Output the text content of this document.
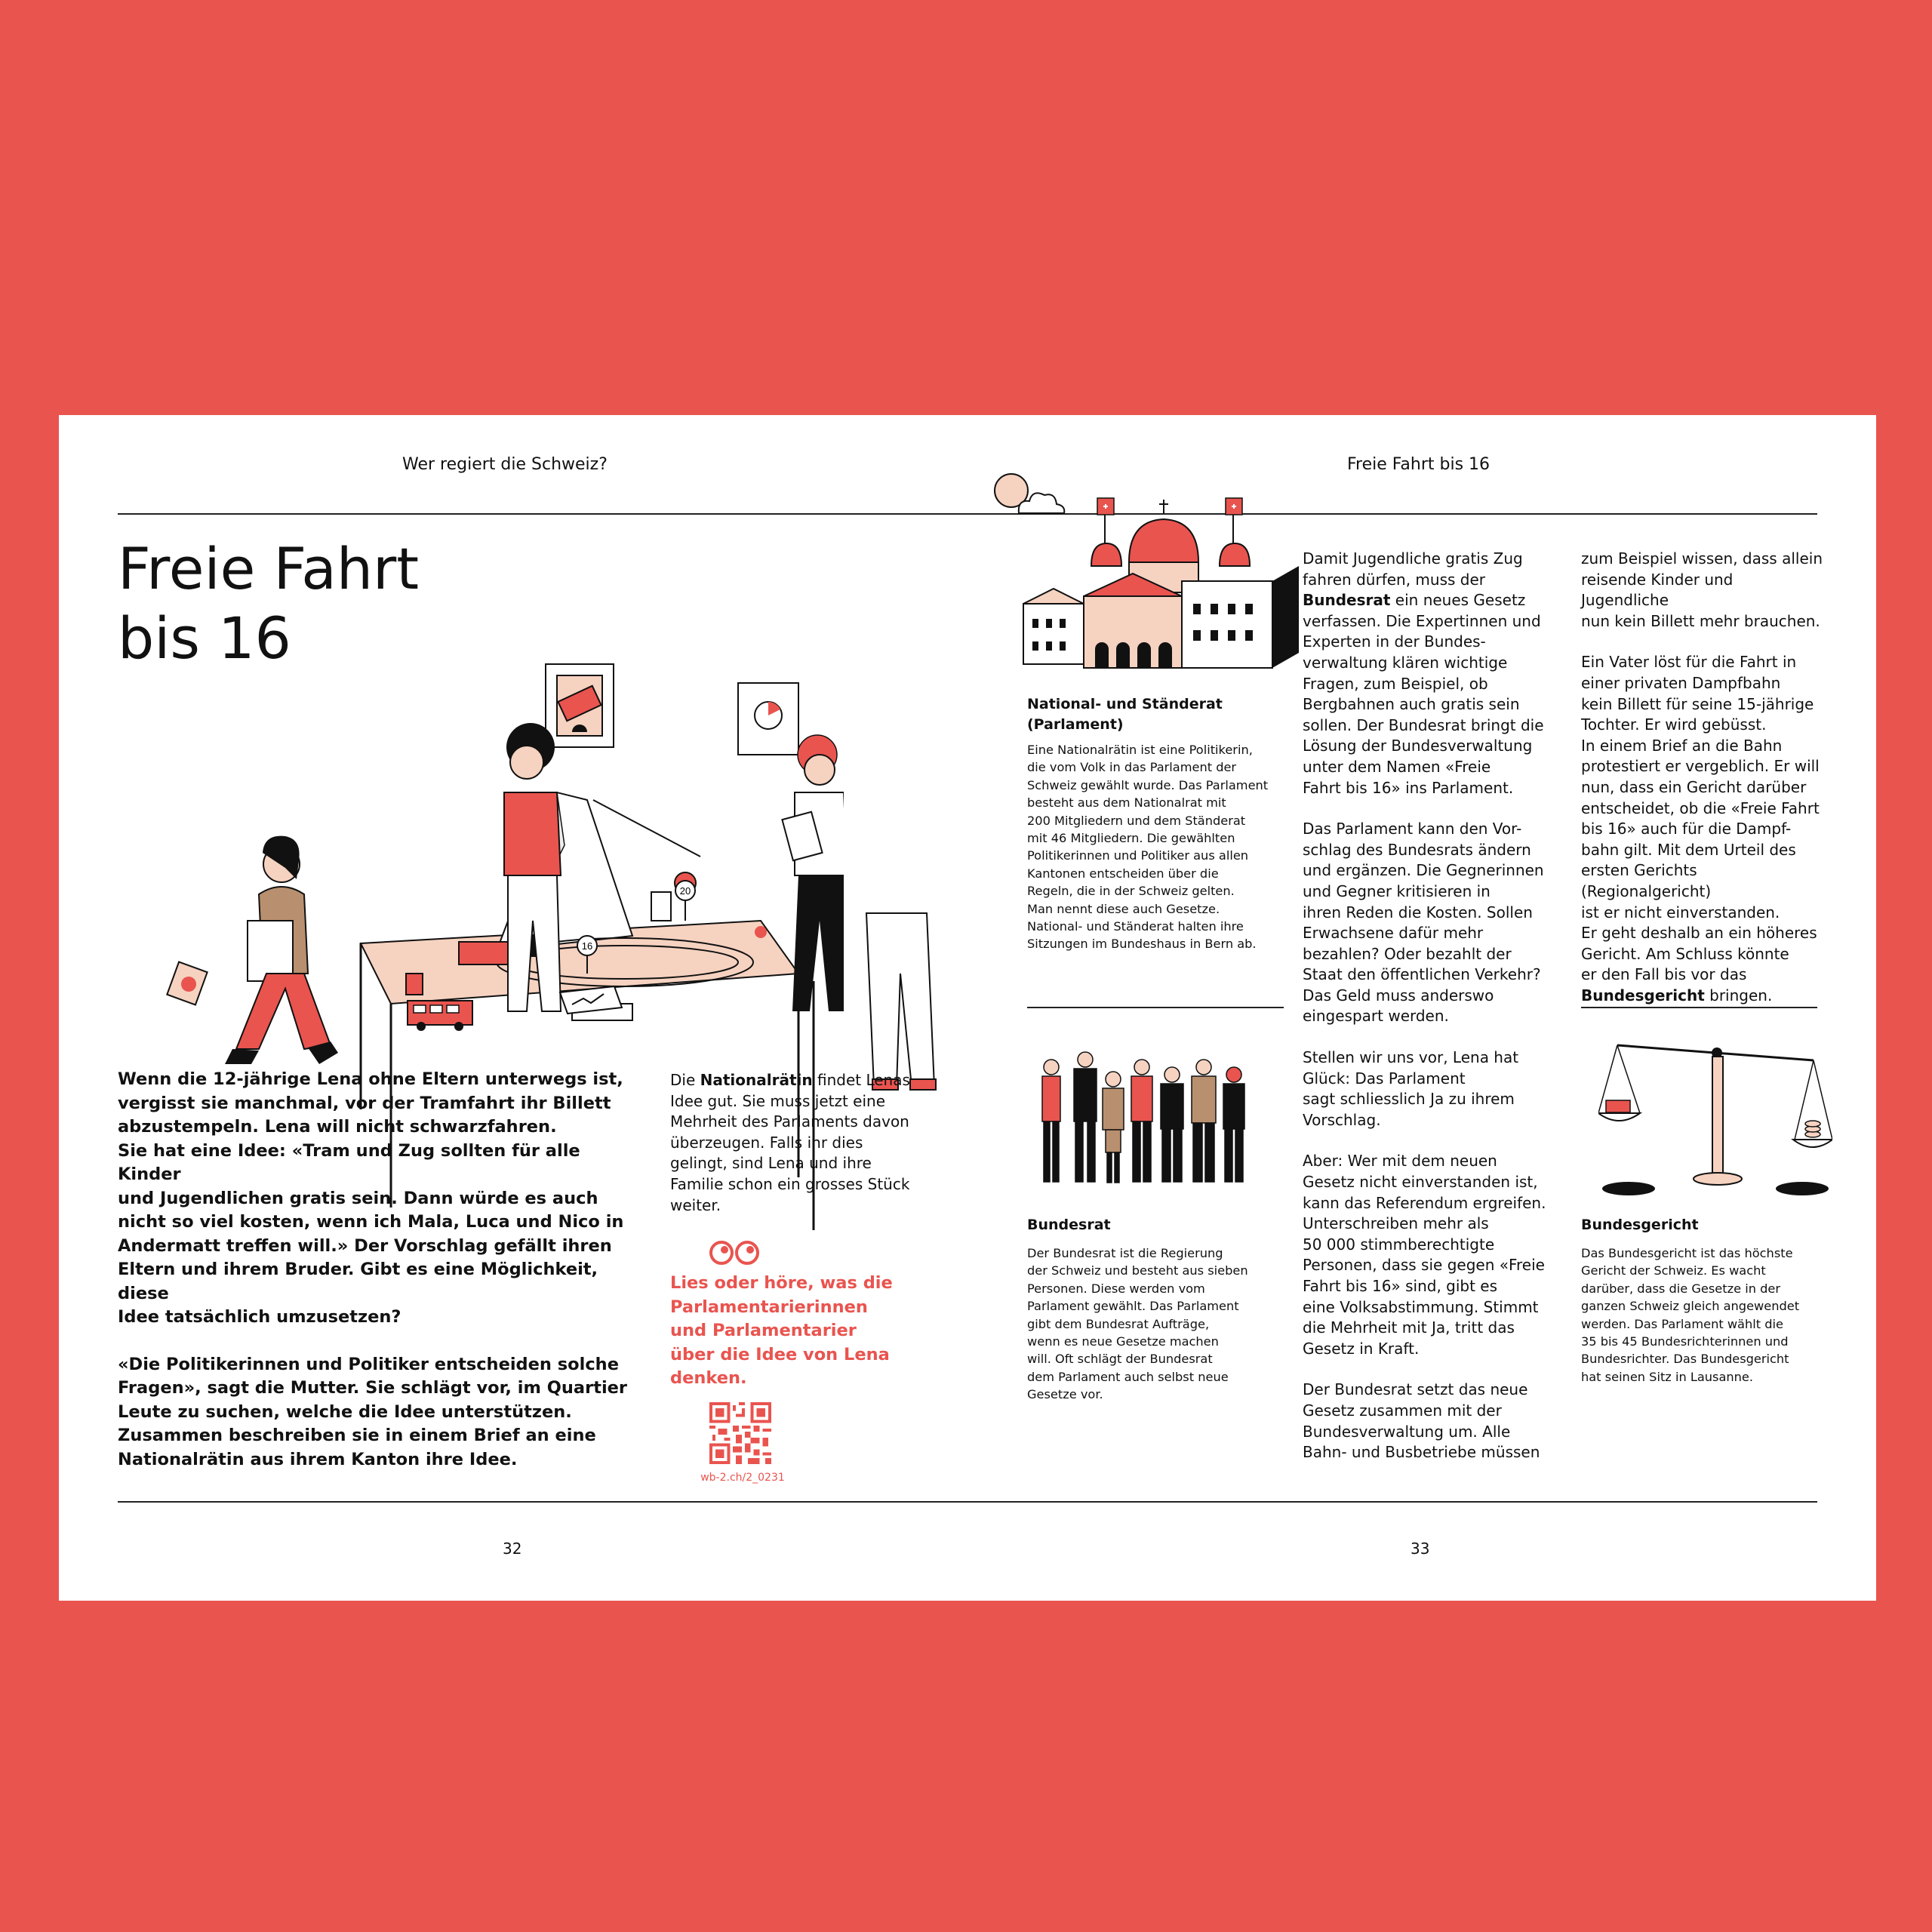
Wer regiert die Schweiz?	Freie Fahrt bis 16
Freie Fahrt
bis 16
20
16
Wenn die 12-jährige Lena ohne Eltern unterwegs ist,
vergisst sie manchmal, vor der Tramfahrt ihr Billett
abzustempeln. Lena will nicht schwarzfahren.
Sie hat eine Idee: «Tram und Zug sollten für alle Kinder
und Jugendlichen gratis sein. Dann würde es auch
nicht so viel kosten, wenn ich Mala, Luca und Nico in
Andermatt treffen will.» Der Vorschlag gefällt ihren
Eltern und ihrem Bruder. Gibt es eine Möglichkeit, diese
Idee tatsächlich umzusetzen?
«Die Politikerinnen und Politiker entscheiden solche
Fragen», sagt die Mutter. Sie schlägt vor, im Quartier
Leute zu suchen, welche die Idee unterstützen.
Zusammen beschreiben sie in einem Brief an eine
Nationalrätin aus ihrem Kanton ihre Idee.
Die Nationalrätin findet Lenas
Idee gut. Sie muss jetzt eine
Mehrheit des Parlaments davon
überzeugen. Falls ihr dies
gelingt, sind Lena und ihre
Familie schon ein grosses Stück
weiter.
Lies oder höre, was die
Parlamentarierinnen
und Parlamentarier
über die Idee von Lena
denken.
wb-2.ch/2_0231
National- und Ständerat
(Parlament)
Eine Nationalrätin ist eine Politikerin,
die vom Volk in das Parlament der
Schweiz gewählt wurde. Das Parlament
besteht aus dem Nationalrat mit
200 Mitgliedern und dem Ständerat
mit 46 Mitgliedern. Die gewählten
Politikerinnen und Politiker aus allen
Kantonen entscheiden über die
Regeln, die in der Schweiz gelten.
Man nennt diese auch Gesetze.
National- und Ständerat halten ihre
Sitzungen im Bundeshaus in Bern ab.
Bundesrat
Der Bundesrat ist die Regierung
der Schweiz und besteht aus sieben
Personen. Diese werden vom
Parlament gewählt. Das Parlament
gibt dem Bundesrat Aufträge,
wenn es neue Gesetze machen
will. Oft schlägt der Bundesrat
dem Parlament auch selbst neue
Gesetze vor.
Damit Jugendliche gratis Zug
fahren dürfen, muss der
Bundesrat ein neues Gesetz
verfassen. Die Expertinnen und
Experten in der Bundes-
verwaltung klären wichtige
Fragen, zum Beispiel, ob
Bergbahnen auch gratis sein
sollen. Der Bundesrat bringt die
Lösung der Bundesverwaltung
unter dem Namen «Freie
Fahrt bis 16» ins Parlament.
Das Parlament kann den Vor-
schlag des Bundesrats ändern
und ergänzen. Die Gegnerinnen
und Gegner kritisieren in
ihren Reden die Kosten. Sollen
Erwachsene dafür mehr
bezahlen? Oder bezahlt der
Staat den öffentlichen Verkehr?
Das Geld muss anderswo
eingespart werden.
Stellen wir uns vor, Lena hat
Glück: Das Parlament
sagt schliesslich Ja zu ihrem
Vorschlag.
Aber: Wer mit dem neuen
Gesetz nicht einverstanden ist,
kann das Referendum ergreifen.
Unterschreiben mehr als
50 000 stimmberechtigte
Personen, dass sie gegen «Freie
Fahrt bis 16» sind, gibt es
eine Volksabstimmung. Stimmt
die Mehrheit mit Ja, tritt das
Gesetz in Kraft.
Der Bundesrat setzt das neue
Gesetz zusammen mit der
Bundesverwaltung um. Alle
Bahn- und Busbetriebe müssen
zum Beispiel wissen, dass allein
reisende Kinder und Jugendliche
nun kein Billett mehr brauchen.
Ein Vater löst für die Fahrt in
einer privaten Dampfbahn
kein Billett für seine 15-jährige
Tochter. Er wird gebüsst.
In einem Brief an die Bahn
protestiert er vergeblich. Er will
nun, dass ein Gericht darüber
entscheidet, ob die «Freie Fahrt
bis 16» auch für die Dampf-
bahn gilt. Mit dem Urteil des
ersten Gerichts (Regionalgericht)
ist er nicht einverstanden.
Er geht deshalb an ein höheres
Gericht. Am Schluss könnte
er den Fall bis vor das
Bundesgericht bringen.
Bundesgericht
Das Bundesgericht ist das höchste
Gericht der Schweiz. Es wacht
darüber, dass die Gesetze in der
ganzen Schweiz gleich angewendet
werden. Das Parlament wählt die
35 bis 45 Bundesrichterinnen und
Bundesrichter. Das Bundesgericht
hat seinen Sitz in Lausanne.
32	33
